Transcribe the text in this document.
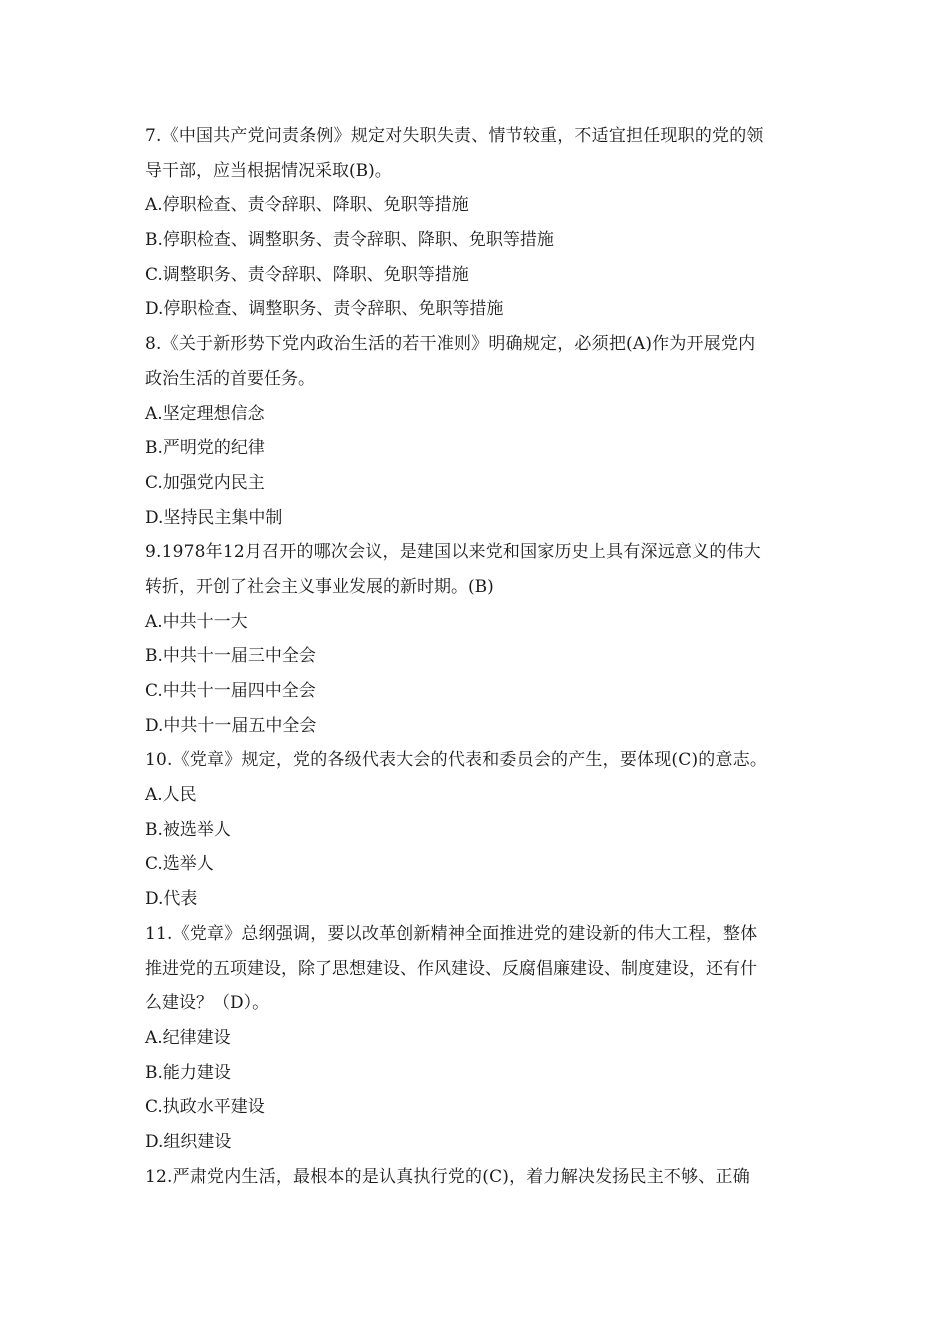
7.《中国共产党问责条例》规定对失职失责、情节较重，不适宜担任现职的党的领
导干部，应当根据情况采取(B)。
A.停职检查、责令辞职、降职、免职等措施
B.停职检查、调整职务、责令辞职、降职、免职等措施
C.调整职务、责令辞职、降职、免职等措施
D.停职检查、调整职务、责令辞职、免职等措施
8.《关于新形势下党内政治生活的若干准则》明确规定，必须把(A)作为开展党内
政治生活的首要任务。
A.坚定理想信念
B.严明党的纪律
C.加强党内民主
D.坚持民主集中制
9.1978年12月召开的哪次会议，是建国以来党和国家历史上具有深远意义的伟大
转折，开创了社会主义事业发展的新时期。(B)
A.中共十一大
B.中共十一届三中全会
C.中共十一届四中全会
D.中共十一届五中全会
10.《党章》规定，党的各级代表大会的代表和委员会的产生，要体现(C)的意志。
A.人民
B.被选举人
C.选举人
D.代表
11.《党章》总纲强调，要以改革创新精神全面推进党的建设新的伟大工程，整体
推进党的五项建设，除了思想建设、作风建设、反腐倡廉建设、制度建设，还有什
么建设？（D）。
A.纪律建设
B.能力建设
C.执政水平建设
D.组织建设
12.严肃党内生活，最根本的是认真执行党的(C)，着力解决发扬民主不够、正确
